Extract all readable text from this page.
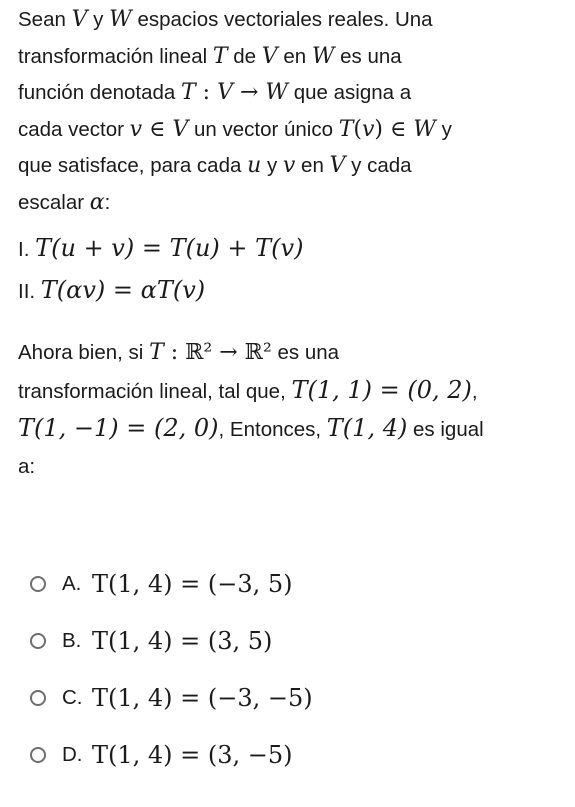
Sean V y W espacios vectoriales reales. Una
transformación lineal T de V en W es una
función denotada T : V → W que asigna a
cada vector v ∈ V un vector único T(v) ∈ W y
que satisface, para cada u y v en V y cada
escalar α:
I. T(u + v) = T(u) + T(v)
II. T(αv) = αT(v)
Ahora bien, si T : ℝ² → ℝ² es una
transformación lineal, tal que, T(1, 1) = (0, 2),
T(1, −1) = (2, 0), Entonces, T(1, 4) es igual
a:
A. T(1, 4) = (−3, 5)
B. T(1, 4) = (3, 5)
C. T(1, 4) = (−3, −5)
D. T(1, 4) = (3, −5)
